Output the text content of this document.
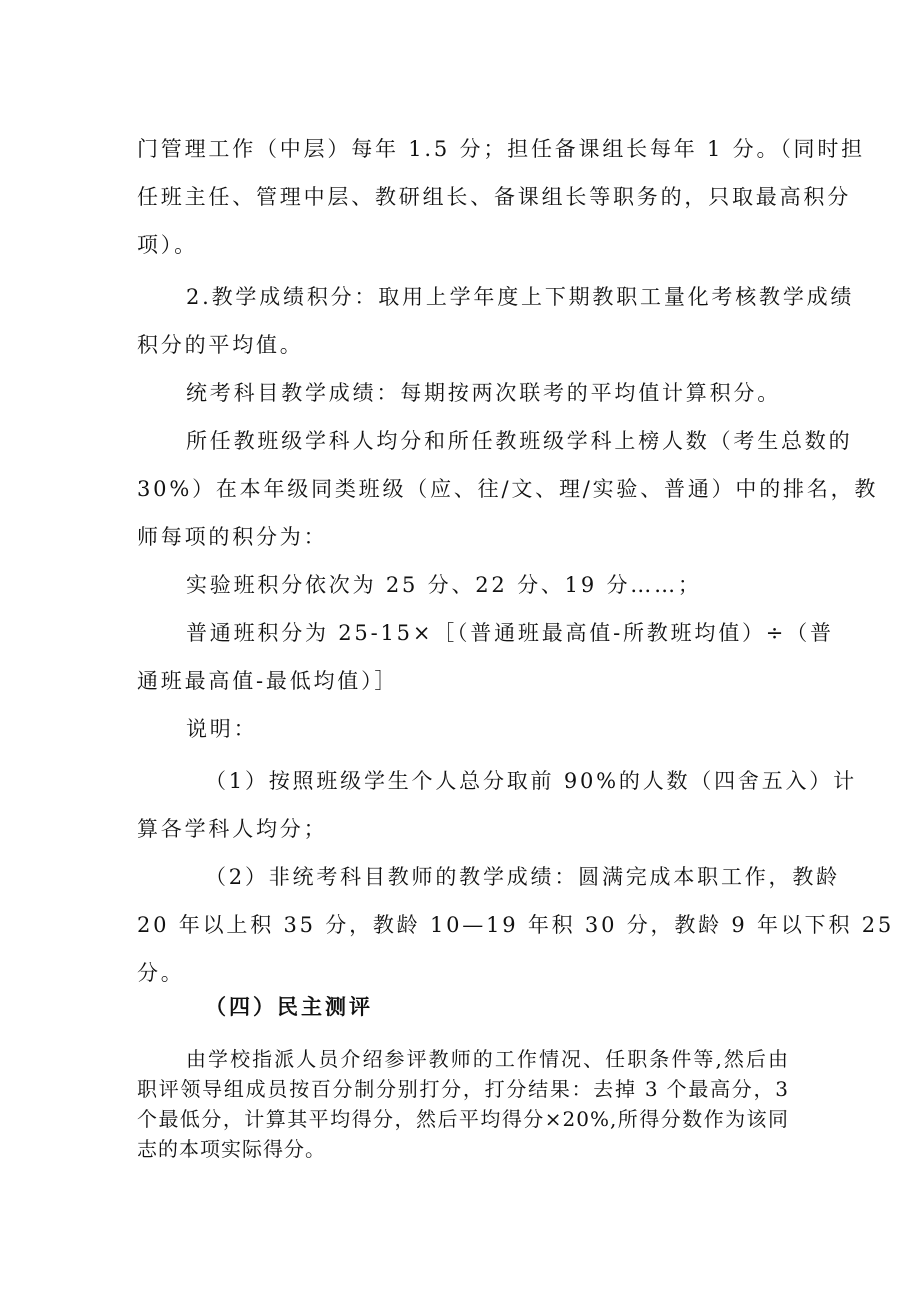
门管理工作（中层）每年 1.5 分；担任备课组长每年 1 分。（同时担
任班主任、管理中层、教研组长、备课组长等职务的，只取最高积分
项）。
2.教学成绩积分：取用上学年度上下期教职工量化考核教学成绩
积分的平均值。
统考科目教学成绩：每期按两次联考的平均值计算积分。
所任教班级学科人均分和所任教班级学科上榜人数（考生总数的
30%）在本年级同类班级（应、往/文、理/实验、普通）中的排名，教
师每项的积分为：
实验班积分依次为 25 分、22 分、19 分……；
普通班积分为 25-15×［（普通班最高值-所教班均值）÷（普
通班最高值-最低均值）］
说明：
（1）按照班级学生个人总分取前 90%的人数（四舍五入）计
算各学科人均分；
（2）非统考科目教师的教学成绩：圆满完成本职工作，教龄
20 年以上积 35 分，教龄 10—19 年积 30 分，教龄 9 年以下积 25
分。
（四）民主测评
由学校指派人员介绍参评教师的工作情况、任职条件等,然后由
职评领导组成员按百分制分别打分，打分结果：去掉 3 个最高分，3
个最低分，计算其平均得分，然后平均得分×20%,所得分数作为该同
志的本项实际得分。
